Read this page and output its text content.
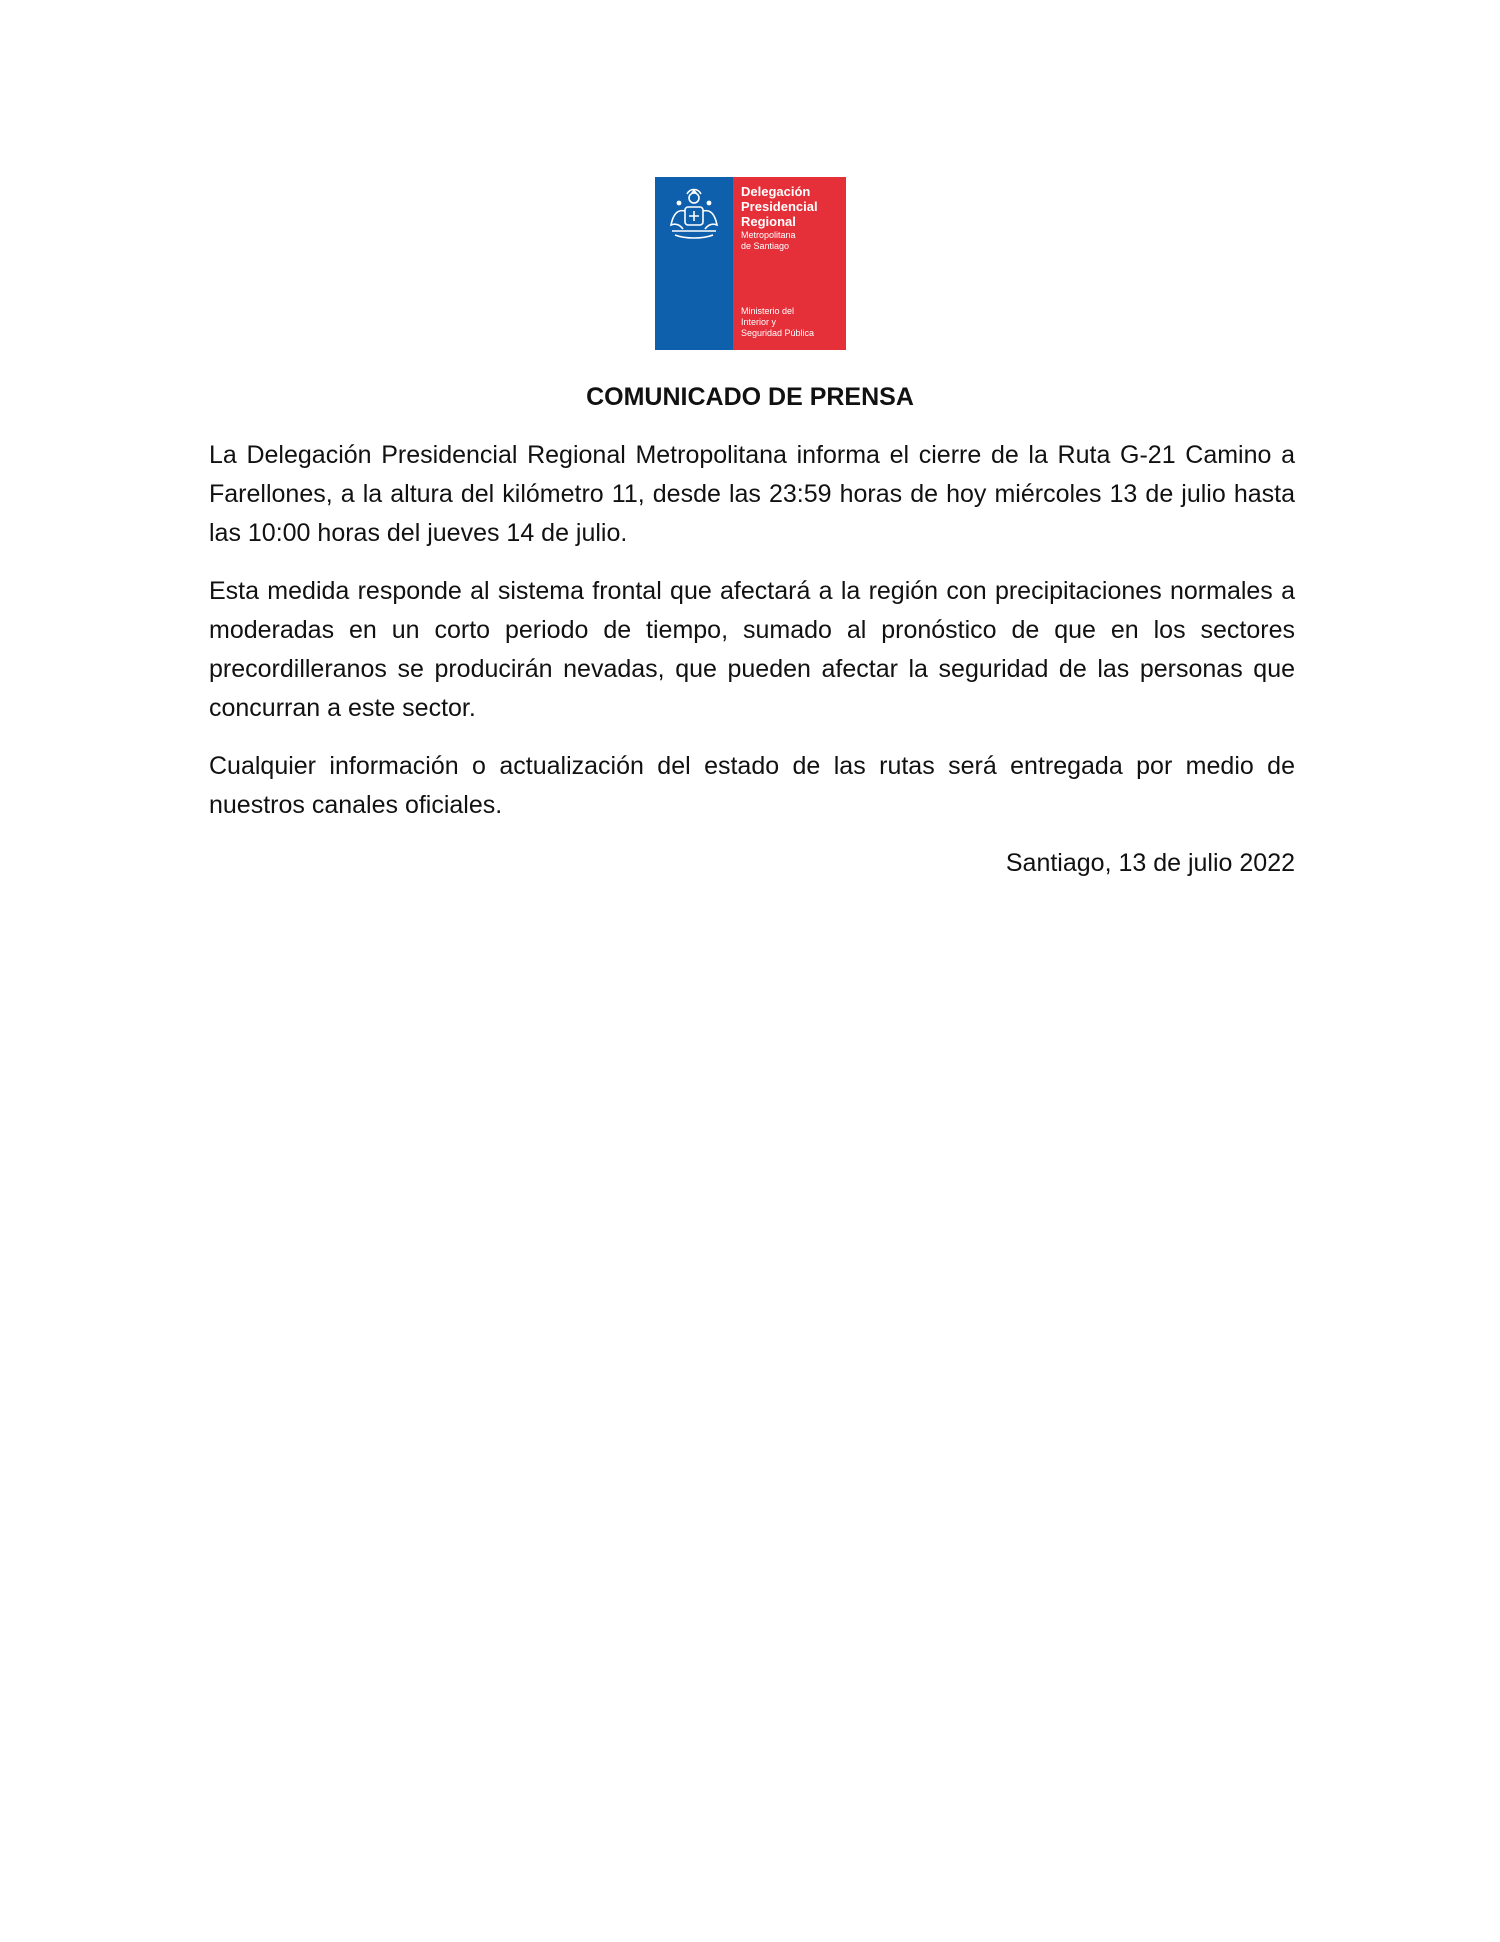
Delegación
Presidencial
Regional
Metropolitana
de Santiago
Ministerio del
Interior y
Seguridad Pública
COMUNICADO DE PRENSA

La Delegación Presidencial Regional Metropolitana informa el cierre de la Ruta G-21 Camino a Farellones, a la altura del kilómetro 11, desde las 23:59 horas de hoy miércoles 13 de julio hasta las 10:00 horas del jueves 14 de julio.

Esta medida responde al sistema frontal que afectará a la región con precipitaciones normales a moderadas en un corto periodo de tiempo, sumado al pronóstico de que en los sectores precordilleranos se producirán nevadas, que pueden afectar la seguridad de las personas que concurran a este sector.

Cualquier información o actualización del estado de las rutas será entregada por medio de nuestros canales oficiales.

Santiago, 13 de julio 2022
